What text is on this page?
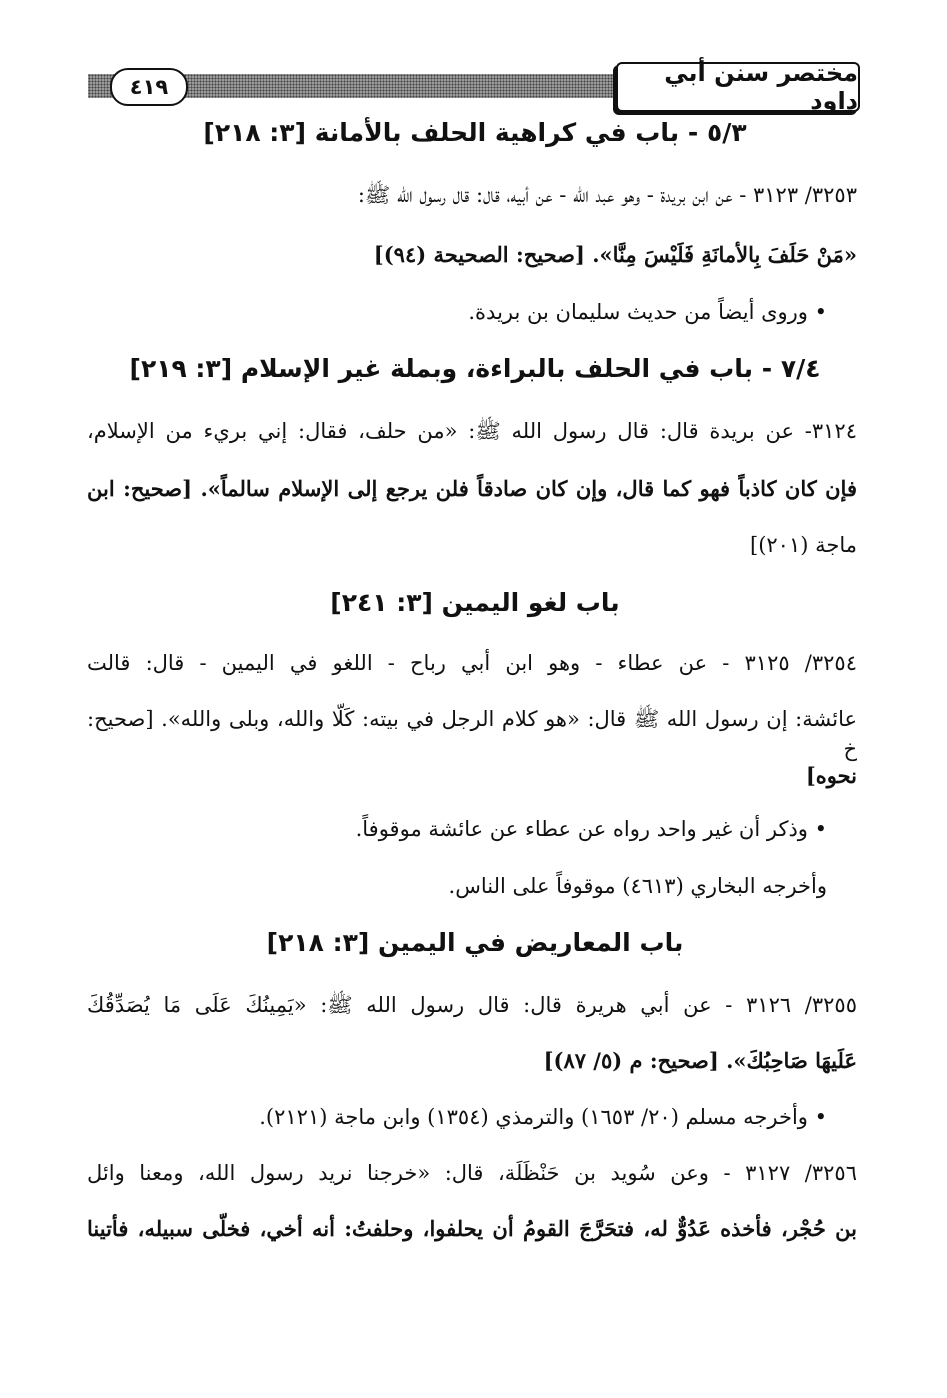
مختصر سنن أبي داود
٤١٩
٥/٣ - باب في كراهية الحلف بالأمانة [٣: ٢١٨]
٣٢٥٣/ ٣١٢٣ - عن ابن بريدة - وهو عبد الله - عن أبيه، قال: قال رسول الله ﷺ:
«مَنْ حَلَفَ بِالأمانَةِ فَلَيْسَ مِنَّا». [صحيح: الصحيحة (٩٤)]
• وروى أيضاً من حديث سليمان بن بريدة.
٧/٤ - باب في الحلف بالبراءة، وبملة غير الإسلام [٣: ٢١٩]
٣١٢٤- عن بريدة قال: قال رسول الله ﷺ: «من حلف، فقال: إني بريء من الإسلام،
فإن كان كاذباً فهو كما قال، وإن كان صادقاً فلن يرجع إلى الإسلام سالماً». [صحيح: ابن
ماجة (٢٠١)]
باب لغو اليمين [٣: ٢٤١]
٣٢٥٤/ ٣١٢٥ - عن عطاء - وهو ابن أبي رباح - اللغو في اليمين - قال: قالت
عائشة: إن رسول الله ﷺ قال: «هو كلام الرجل في بيته: كَلّا والله، وبلى والله». [صحيح: خ
نحوه]
• وذكر أن غير واحد رواه عن عطاء عن عائشة موقوفاً.
وأخرجه البخاري (٤٦١٣) موقوفاً على الناس.
باب المعاريض في اليمين [٣: ٢١٨]
٣٢٥٥/ ٣١٢٦ - عن أبي هريرة قال: قال رسول الله ﷺ: «يَمِينُكَ عَلَى مَا يُصَدِّقُكَ
عَلَيهَا صَاحِبُكَ». [صحيح: م (٥/ ٨٧)]
• وأخرجه مسلم (٢٠/ ١٦٥٣) والترمذي (١٣٥٤) وابن ماجة (٢١٢١).
٣٢٥٦/ ٣١٢٧ - وعن سُويد بن حَنْظَلَة، قال: «خرجنا نريد رسول الله، ومعنا وائل
بن حُجْر، فأخذه عَدُوٌّ له، فتحَرَّجَ القومُ أن يحلفوا، وحلفتُ: أنه أخي، فخلّى سبيله، فأتينا
